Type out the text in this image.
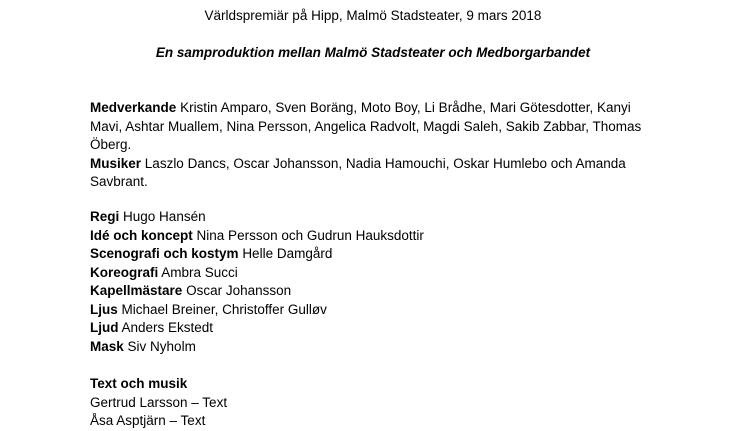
Världspremiär på Hipp, Malmö Stadsteater, 9 mars 2018
En samproduktion mellan Malmö Stadsteater och Medborgarbandet

Medverkande Kristin Amparo, Sven Boräng, Moto Boy, Li Brådhe, Mari Götesdotter, Kanyi Mavi, Ashtar Muallem, Nina Persson, Angelica Radvolt, Magdi Saleh, Sakib Zabbar, Thomas Öberg.

Musiker Laszlo Dancs, Oscar Johansson, Nadia Hamouchi, Oskar Humlebo och Amanda Savbrant.

Regi Hugo Hansén

Idé och koncept Nina Persson och Gudrun Hauksdottir

Scenografi och kostym Helle Damgård

Koreografi Ambra Succi

Kapellmästare Oscar Johansson

Ljus Michael Breiner, Christoffer Gulløv

Ljud Anders Ekstedt

Mask Siv Nyholm

Text och musik

Gertrud Larsson – Text

Åsa Asptjärn – Text
